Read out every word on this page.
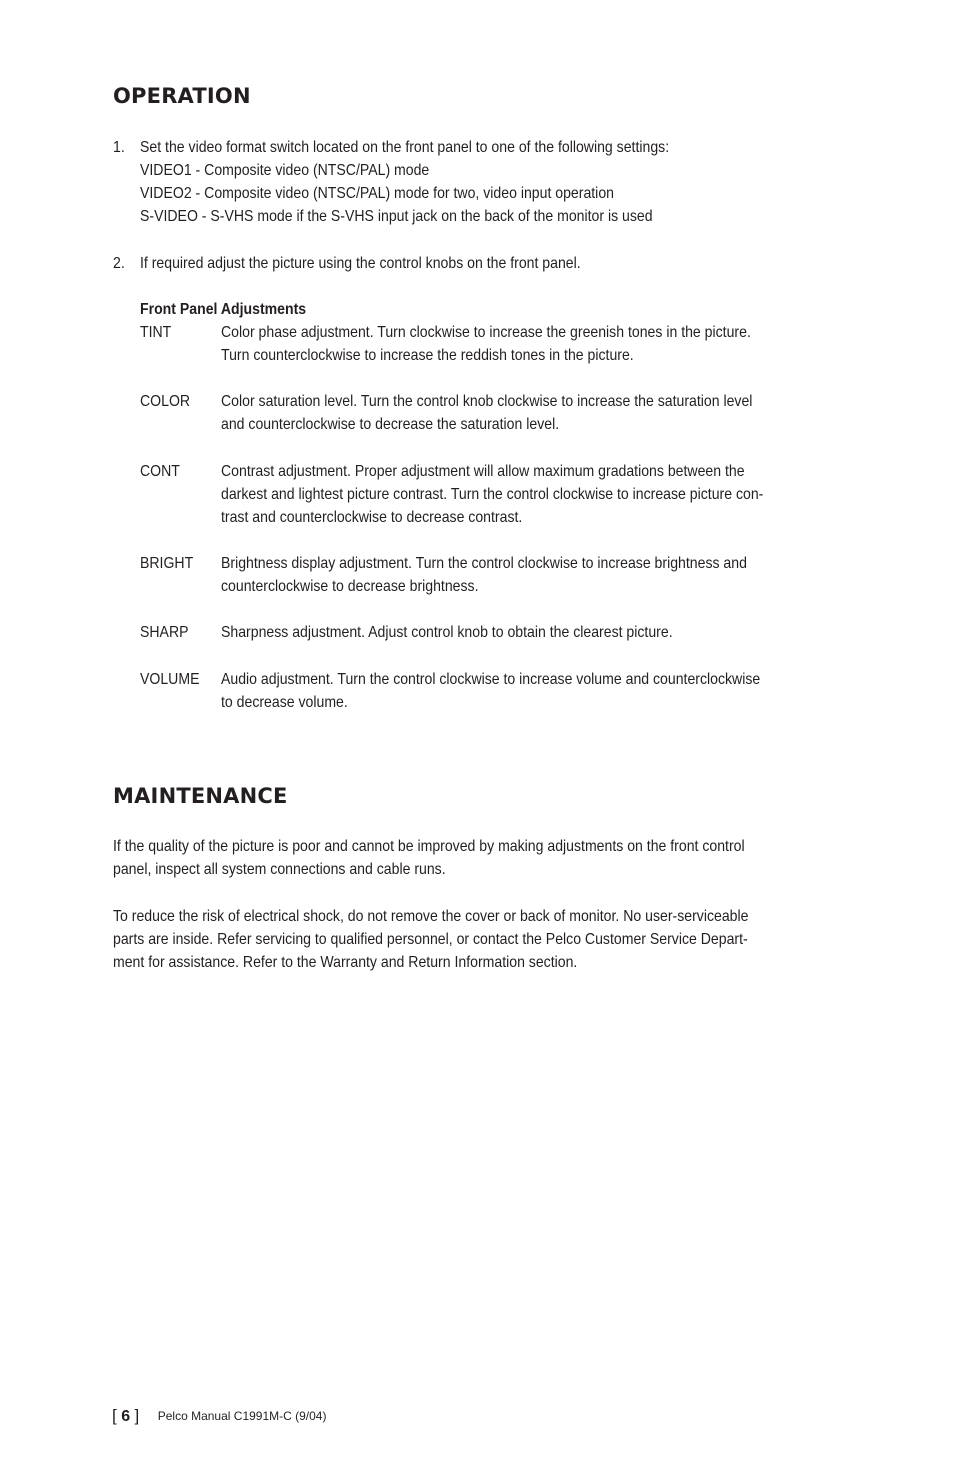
OPERATION
1. Set the video format switch located on the front panel to one of the following settings:
VIDEO1 - Composite video (NTSC/PAL) mode
VIDEO2 - Composite video (NTSC/PAL) mode for two, video input operation
S-VIDEO - S-VHS mode if the S-VHS input jack on the back of the monitor is used
2. If required adjust the picture using the control knobs on the front panel.
Front Panel Adjustments
TINT	Color phase adjustment. Turn clockwise to increase the greenish tones in the picture.
Turn counterclockwise to increase the reddish tones in the picture.
COLOR Color saturation level. Turn the control knob clockwise to increase the saturation level
and counterclockwise to decrease the saturation level.
CONT	Contrast adjustment. Proper adjustment will allow maximum gradations between the
darkest and lightest picture contrast. Turn the control clockwise to increase picture con-
trast and counterclockwise to decrease contrast.
BRIGHT Brightness display adjustment. Turn the control clockwise to increase brightness and
counterclockwise to decrease brightness.
SHARP Sharpness adjustment. Adjust control knob to obtain the clearest picture.
VOLUME Audio adjustment. Turn the control clockwise to increase volume and counterclockwise
to decrease volume.
MAINTENANCE
If the quality of the picture is poor and cannot be improved by making adjustments on the front control
panel, inspect all system connections and cable runs.
To reduce the risk of electrical shock, do not remove the cover or back of monitor. No user-serviceable
parts are inside. Refer servicing to qualified personnel, or contact the Pelco Customer Service Depart-
ment for assistance. Refer to the Warranty and Return Information section.
[ 6 ] Pelco Manual C1991M-C (9/04)
